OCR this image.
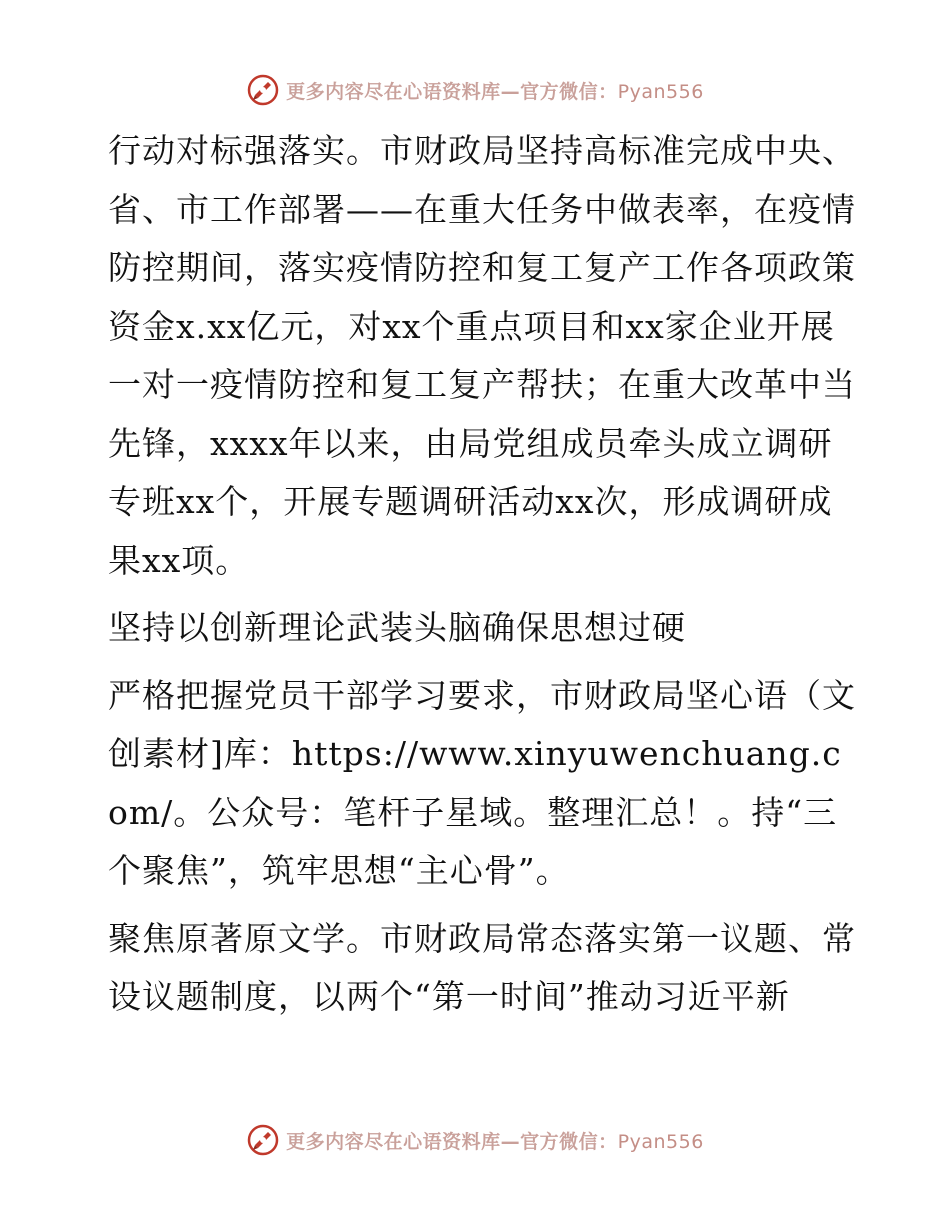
更多内容尽在心语资料库—官方微信：Pyan556

行动对标强落实。市财政局坚持高标准完成中央、省、市工作部署——在重大任务中做表率，在疫情防控期间，落实疫情防控和复工复产工作各项政策资金x.xx亿元，对xx个重点项目和xx家企业开展一对一疫情防控和复工复产帮扶；在重大改革中当先锋，xxxx年以来，由局党组成员牵头成立调研专班xx个，开展专题调研活动xx次，形成调研成果xx项。

坚持以创新理论武装头脑确保思想过硬

严格把握党员干部学习要求，市财政局坚心语（文创素材]库：https://www.xinyuwenchuang.com/。公众号：笔杆子星域。整理汇总！。持“三个聚焦”，筑牢思想“主心骨”。

聚焦原著原文学。市财政局常态落实第一议题、常设议题制度，以两个“第一时间”推动习近平新

更多内容尽在心语资料库—官方微信：Pyan556
